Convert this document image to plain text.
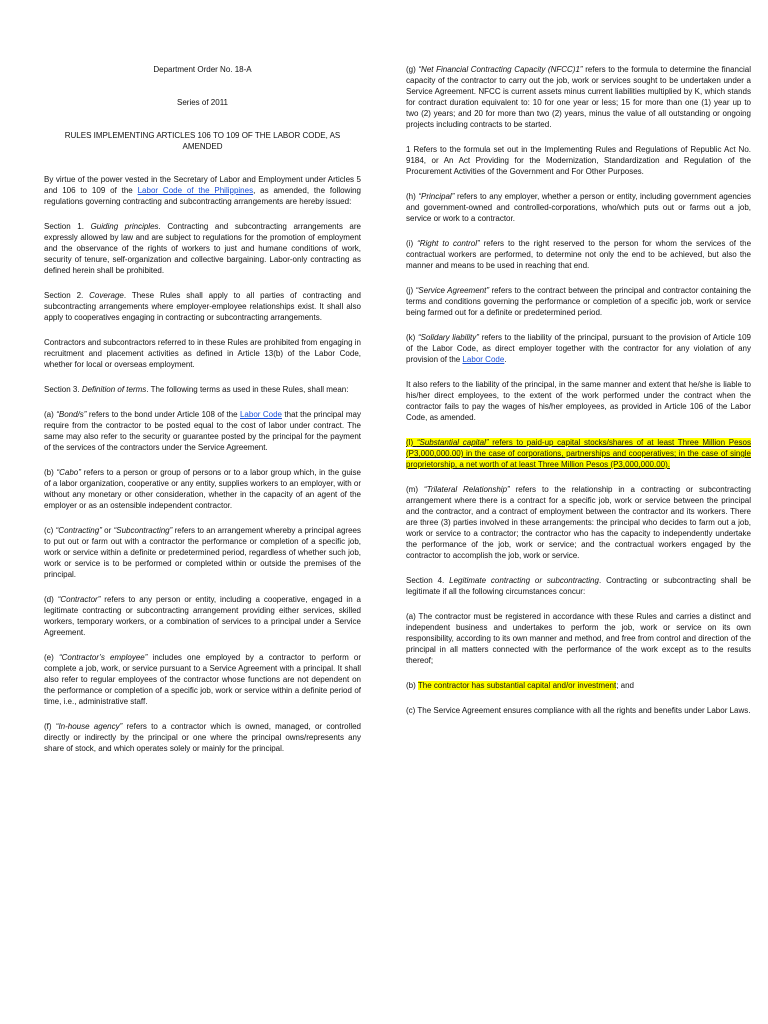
Department Order No. 18-A

Series of 2011

RULES IMPLEMENTING ARTICLES 106 TO 109 OF THE LABOR CODE, AS AMENDED

By virtue of the power vested in the Secretary of Labor and Employment under Articles 5 and 106 to 109 of the Labor Code of the Philippines, as amended, the following regulations governing contracting and subcontracting arrangements are hereby issued:

Section 1. Guiding principles. Contracting and subcontracting arrangements are expressly allowed by law and are subject to regulations for the promotion of employment and the observance of the rights of workers to just and humane conditions of work, security of tenure, self-organization and collective bargaining. Labor-only contracting as defined herein shall be prohibited.

Section 2. Coverage. These Rules shall apply to all parties of contracting and subcontracting arrangements where employer-employee relationships exist. It shall also apply to cooperatives engaging in contracting or subcontracting arrangements.

Contractors and subcontractors referred to in these Rules are prohibited from engaging in recruitment and placement activities as defined in Article 13(b) of the Labor Code, whether for local or overseas employment.

Section 3. Definition of terms. The following terms as used in these Rules, shall mean:

(a) “Bond/s” refers to the bond under Article 108 of the Labor Code that the principal may require from the contractor to be posted equal to the cost of labor under contract. The same may also refer to the security or guarantee posted by the principal for the payment of the services of the contractors under the Service Agreement.

(b) “Cabo” refers to a person or group of persons or to a labor group which, in the guise of a labor organization, cooperative or any entity, supplies workers to an employer, with or without any monetary or other consideration, whether in the capacity of an agent of the employer or as an ostensible independent contractor.

(c) “Contracting” or “Subcontracting” refers to an arrangement whereby a principal agrees to put out or farm out with a contractor the performance or completion of a specific job, work or service within a definite or predetermined period, regardless of whether such job, work or service is to be performed or completed within or outside the premises of the principal.

(d) “Contractor” refers to any person or entity, including a cooperative, engaged in a legitimate contracting or subcontracting arrangement providing either services, skilled workers, temporary workers, or a combination of services to a principal under a Service Agreement.

(e) “Contractor’s employee” includes one employed by a contractor to perform or complete a job, work, or service pursuant to a Service Agreement with a principal. It shall also refer to regular employees of the contractor whose functions are not dependent on the performance or completion of a specific job, work or service within a definite period of time, i.e., administrative staff.

(f) “In-house agency” refers to a contractor which is owned, managed, or controlled directly or indirectly by the principal or one where the principal owns/represents any share of stock, and which operates solely or mainly for the principal.

(g) “Net Financial Contracting Capacity (NFCC)1” refers to the formula to determine the financial capacity of the contractor to carry out the job, work or services sought to be undertaken under a Service Agreement. NFCC is current assets minus current liabilities multiplied by K, which stands for contract duration equivalent to: 10 for one year or less; 15 for more than one (1) year up to two (2) years; and 20 for more than two (2) years, minus the value of all outstanding or ongoing projects including contracts to be started.

1 Refers to the formula set out in the Implementing Rules and Regulations of Republic Act No. 9184, or An Act Providing for the Modernization, Standardization and Regulation of the Procurement Activities of the Government and For Other Purposes.

(h) “Principal” refers to any employer, whether a person or entity, including government agencies and government-owned and controlled-corporations, who/which puts out or farms out a job, service or work to a contractor.

(i) “Right to control” refers to the right reserved to the person for whom the services of the contractual workers are performed, to determine not only the end to be achieved, but also the manner and means to be used in reaching that end.

(j) “Service Agreement” refers to the contract between the principal and contractor containing the terms and conditions governing the performance or completion of a specific job, work or service being farmed out for a definite or predetermined period.

(k) “Solidary liability” refers to the liability of the principal, pursuant to the provision of Article 109 of the Labor Code, as direct employer together with the contractor for any violation of any provision of the Labor Code.

It also refers to the liability of the principal, in the same manner and extent that he/she is liable to his/her direct employees, to the extent of the work performed under the contract when the contractor fails to pay the wages of his/her employees, as provided in Article 106 of the Labor Code, as amended.

(l) “Substantial capital” refers to paid-up capital stocks/shares of at least Three Million Pesos (P3,000,000.00) in the case of corporations, partnerships and cooperatives; in the case of single proprietorship, a net worth of at least Three Million Pesos (P3,000,000.00).

(m) “Trilateral Relationship” refers to the relationship in a contracting or subcontracting arrangement where there is a contract for a specific job, work or service between the principal and the contractor, and a contract of employment between the contractor and its workers. There are three (3) parties involved in these arrangements: the principal who decides to farm out a job, work or service to a contractor; the contractor who has the capacity to independently undertake the performance of the job, work or service; and the contractual workers engaged by the contractor to accomplish the job, work or service.

Section 4. Legitimate contracting or subcontracting. Contracting or subcontracting shall be legitimate if all the following circumstances concur:

(a) The contractor must be registered in accordance with these Rules and carries a distinct and independent business and undertakes to perform the job, work or service on its own responsibility, according to its own manner and method, and free from control and direction of the principal in all matters connected with the performance of the work except as to the results thereof;

(b) The contractor has substantial capital and/or investment; and

(c) The Service Agreement ensures compliance with all the rights and benefits under Labor Laws.
